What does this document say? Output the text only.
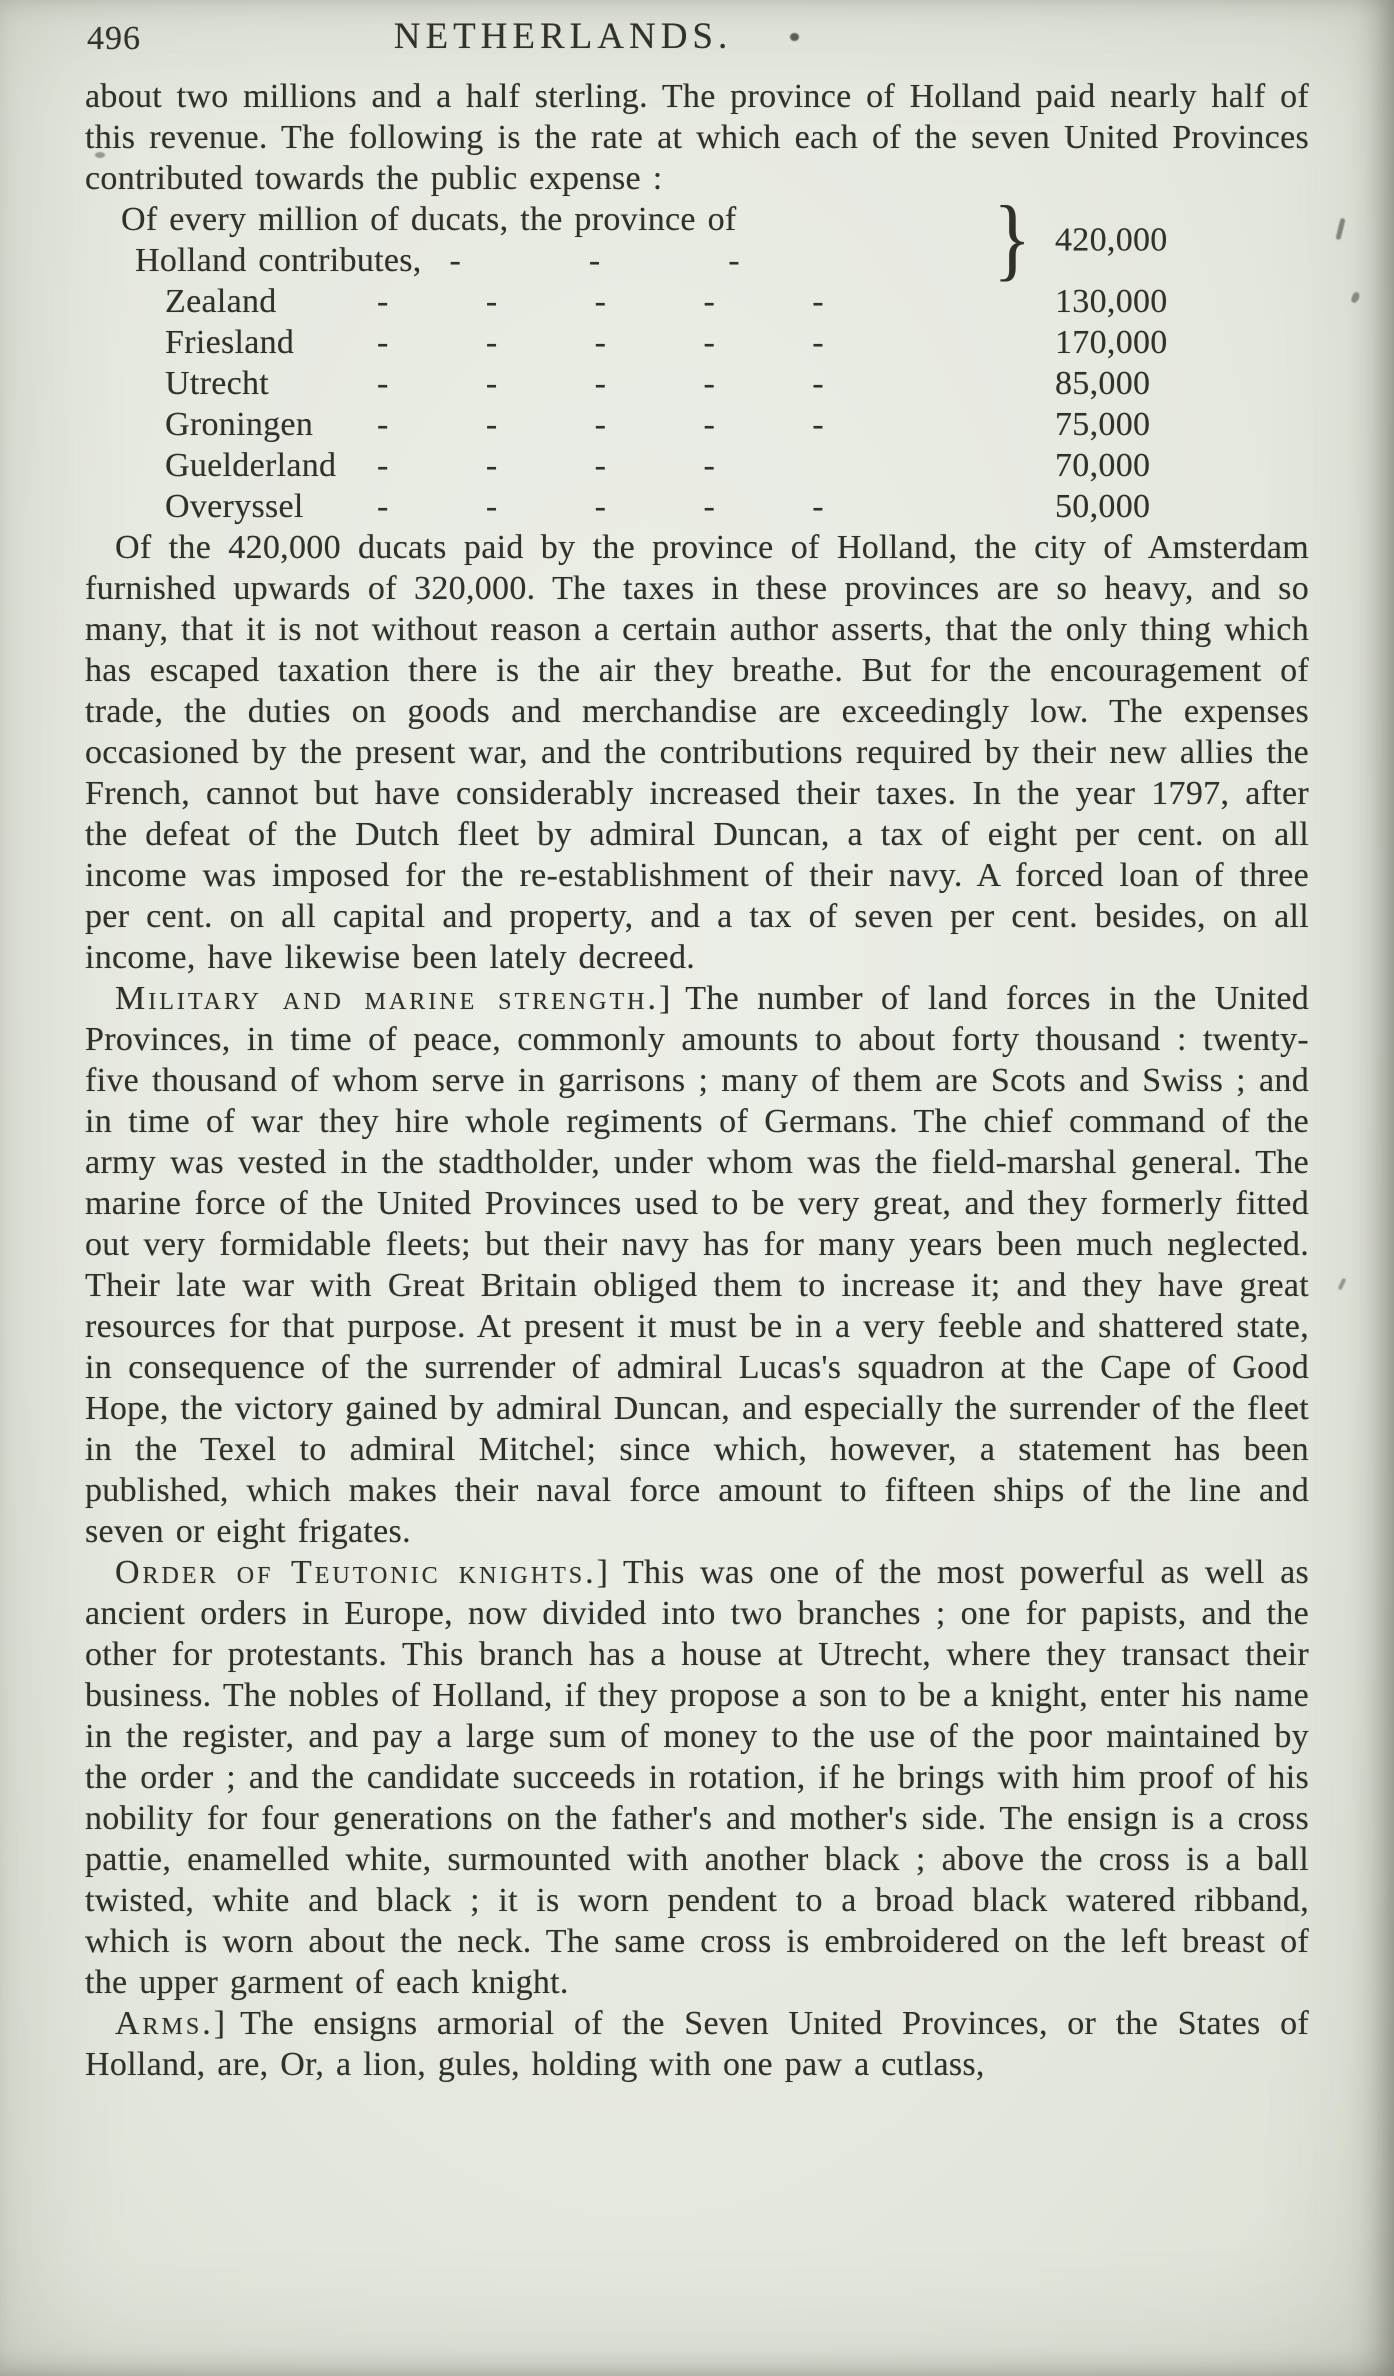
496	NETHERLANDS.

about two millions and a half sterling. The province of Holland paid nearly half of this revenue. The following is the rate at which each of the seven United Provinces contributed towards the public expense :

Of every million of ducats, the province of
Holland contributes, - - -	} 420,000
Zealand	- - - - -	130,000
Friesland	- - - - -	170,000
Utrecht	- - - - -	85,000
Groningen	- - - - -	75,000
Guelderland	- - - -	70,000
Overyssel	- - - - -	50,000

Of the 420,000 ducats paid by the province of Holland, the city of Amsterdam furnished upwards of 320,000. The taxes in these provinces are so heavy, and so many, that it is not without reason a certain author asserts, that the only thing which has escaped taxation there is the air they breathe. But for the encouragement of trade, the duties on goods and merchandise are exceedingly low. The expenses occasioned by the present war, and the contributions required by their new allies the French, cannot but have considerably increased their taxes. In the year 1797, after the defeat of the Dutch fleet by admiral Duncan, a tax of eight per cent. on all income was imposed for the re-establishment of their navy. A forced loan of three per cent. on all capital and property, and a tax of seven per cent. besides, on all income, have likewise been lately decreed.

Military and marine strength.] The number of land forces in the United Provinces, in time of peace, commonly amounts to about forty thousand : twenty-five thousand of whom serve in garrisons ; many of them are Scots and Swiss ; and in time of war they hire whole regiments of Germans. The chief command of the army was vested in the stadtholder, under whom was the field-marshal general. The marine force of the United Provinces used to be very great, and they formerly fitted out very formidable fleets; but their navy has for many years been much neglected. Their late war with Great Britain obliged them to increase it; and they have great resources for that purpose. At present it must be in a very feeble and shattered state, in consequence of the surrender of admiral Lucas's squadron at the Cape of Good Hope, the victory gained by admiral Duncan, and especially the surrender of the fleet in the Texel to admiral Mitchel; since which, however, a statement has been published, which makes their naval force amount to fifteen ships of the line and seven or eight frigates.

Order of Teutonic knights.] This was one of the most powerful as well as ancient orders in Europe, now divided into two branches ; one for papists, and the other for protestants. This branch has a house at Utrecht, where they transact their business. The nobles of Holland, if they propose a son to be a knight, enter his name in the register, and pay a large sum of money to the use of the poor maintained by the order ; and the candidate succeeds in rotation, if he brings with him proof of his nobility for four generations on the father's and mother's side. The ensign is a cross pattie, enamelled white, surmounted with another black ; above the cross is a ball twisted, white and black ; it is worn pendent to a broad black watered ribband, which is worn about the neck. The same cross is embroidered on the left breast of the upper garment of each knight.

Arms.] The ensigns armorial of the Seven United Provinces, or the States of Holland, are, Or, a lion, gules, holding with one paw a cutlass,
